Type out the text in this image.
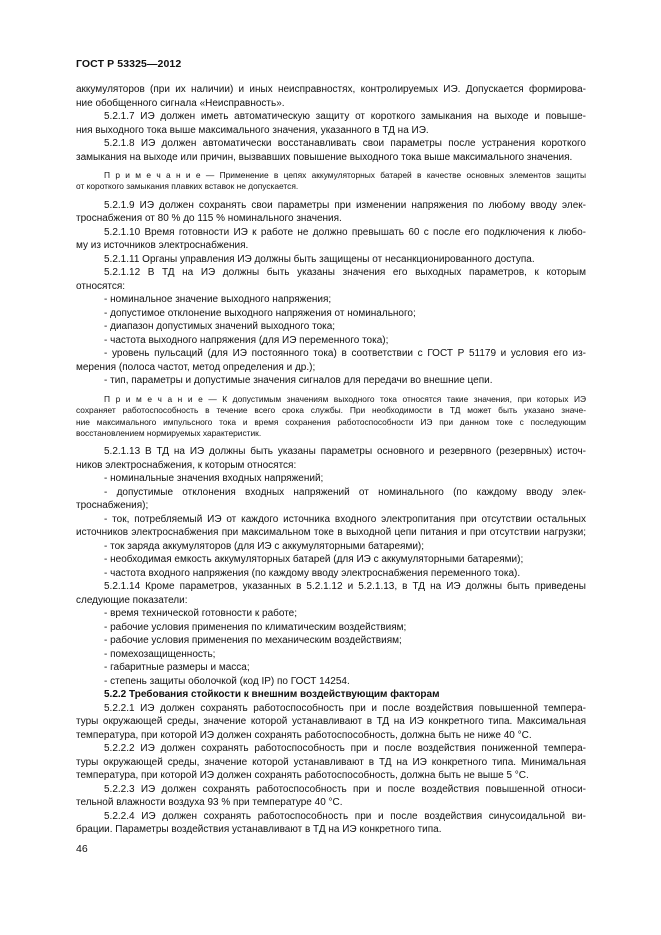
ГОСТ Р 53325—2012
аккумуляторов (при их наличии) и иных неисправностях, контролируемых ИЭ. Допускается формирова-
ние обобщенного сигнала «Неисправность».
5.2.1.7 ИЭ должен иметь автоматическую защиту от короткого замыкания на выходе и повыше-
ния выходного тока выше максимального значения, указанного в ТД на ИЭ.
5.2.1.8 ИЭ должен автоматически восстанавливать свои параметры после устранения короткого
замыкания на выходе или причин, вызвавших повышение выходного тока выше максимального значения.
П р и м е ч а н и е — Применение в цепях аккумуляторных батарей в качестве основных элементов защиты
от короткого замыкания плавких вставок не допускается.
5.2.1.9 ИЭ должен сохранять свои параметры при изменении напряжения по любому вводу элек-
троснабжения от 80 % до 115 % номинального значения.
5.2.1.10 Время готовности ИЭ к работе не должно превышать 60 с после его подключения к любо-
му из источников электроснабжения.
5.2.1.11 Органы управления ИЭ должны быть защищены от несанкционированного доступа.
5.2.1.12 В ТД на ИЭ должны быть указаны значения его выходных параметров, к которым
относятся:
- номинальное значение выходного напряжения;
- допустимое отклонение выходного напряжения от номинального;
- диапазон допустимых значений выходного тока;
- частота выходного напряжения (для ИЭ переменного тока);
- уровень пульсаций (для ИЭ постоянного тока) в соответствии с ГОСТ Р 51179 и условия его из-
мерения (полоса частот, метод определения и др.);
- тип, параметры и допустимые значения сигналов для передачи во внешние цепи.
П р и м е ч а н и е — К допустимым значениям выходного тока относятся такие значения, при которых ИЭ
сохраняет работоспособность в течение всего срока службы. При необходимости в ТД может быть указано значе-
ние максимального импульсного тока и время сохранения работоспособности ИЭ при данном токе с последующим
восстановлением нормируемых характеристик.
5.2.1.13 В ТД на ИЭ должны быть указаны параметры основного и резервного (резервных) источ-
ников электроснабжения, к которым относятся:
- номинальные значения входных напряжений;
- допустимые отклонения входных напряжений от номинального (по каждому вводу элек-
троснабжения);
- ток, потребляемый ИЭ от каждого источника входного электропитания при отсутствии остальных
источников электроснабжения при максимальном токе в выходной цепи питания и при отсутствии нагрузки;
- ток заряда аккумуляторов (для ИЭ с аккумуляторными батареями);
- необходимая емкость аккумуляторных батарей (для ИЭ с аккумуляторными батареями);
- частота входного напряжения (по каждому вводу электроснабжения переменного тока).
5.2.1.14 Кроме параметров, указанных в 5.2.1.12 и 5.2.1.13, в ТД на ИЭ должны быть приведены
следующие показатели:
- время технической готовности к работе;
- рабочие условия применения по климатическим воздействиям;
- рабочие условия применения по механическим воздействиям;
- помехозащищенность;
- габаритные размеры и масса;
- степень защиты оболочкой (код IP) по ГОСТ 14254.
5.2.2 Требования стойкости к внешним воздействующим факторам
5.2.2.1 ИЭ должен сохранять работоспособность при и после воздействия повышенной темпера-
туры окружающей среды, значение которой устанавливают в ТД на ИЭ конкретного типа. Максимальная
температура, при которой ИЭ должен сохранять работоспособность, должна быть не ниже 40 °С.
5.2.2.2 ИЭ должен сохранять работоспособность при и после воздействия пониженной темпера-
туры окружающей среды, значение которой устанавливают в ТД на ИЭ конкретного типа. Минимальная
температура, при которой ИЭ должен сохранять работоспособность, должна быть не выше 5 °С.
5.2.2.3 ИЭ должен сохранять работоспособность при и после воздействия повышенной относи-
тельной влажности воздуха 93 % при температуре 40 °С.
5.2.2.4 ИЭ должен сохранять работоспособность при и после воздействия синусоидальной ви-
брации. Параметры воздействия устанавливают в ТД на ИЭ конкретного типа.
46
